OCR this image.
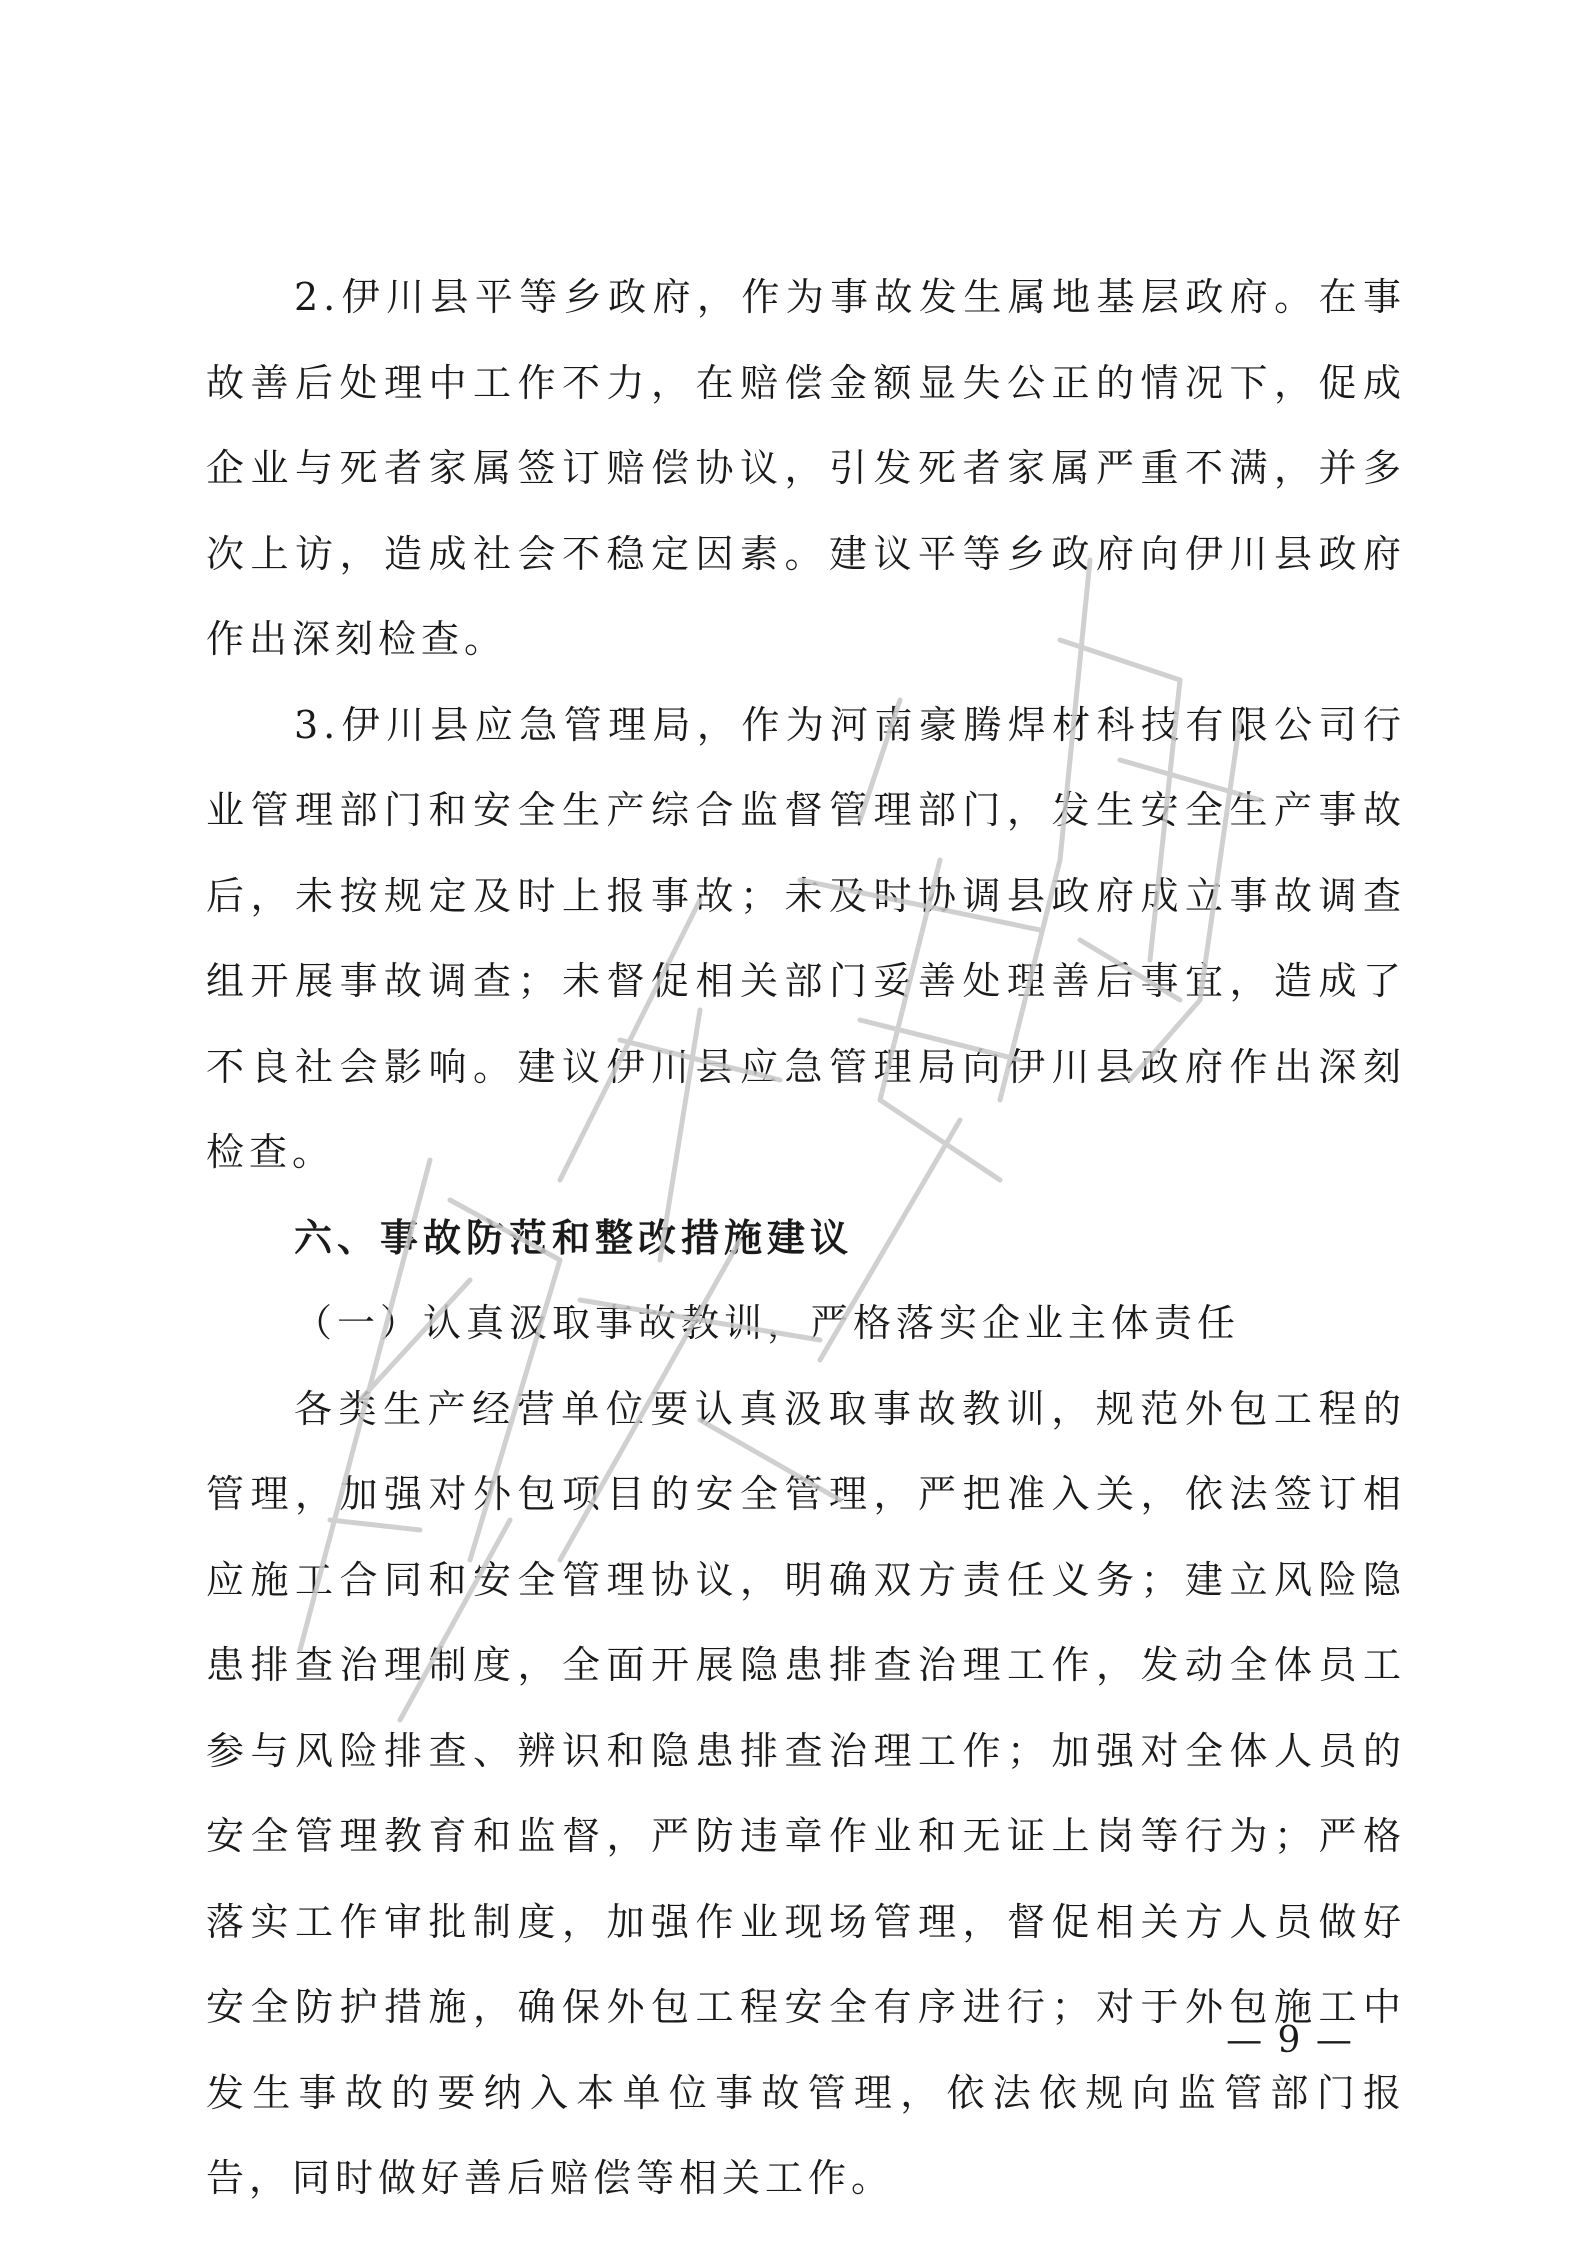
2.伊川县平等乡政府，作为事故发生属地基层政府。在事故善后处理中工作不力，在赔偿金额显失公正的情况下，促成企业与死者家属签订赔偿协议，引发死者家属严重不满，并多次上访，造成社会不稳定因素。建议平等乡政府向伊川县政府作出深刻检查。

3.伊川县应急管理局，作为河南豪腾焊材科技有限公司行业管理部门和安全生产综合监督管理部门，发生安全生产事故后，未按规定及时上报事故；未及时协调县政府成立事故调查组开展事故调查；未督促相关部门妥善处理善后事宜，造成了不良社会影响。建议伊川县应急管理局向伊川县政府作出深刻检查。

六、事故防范和整改措施建议

（一）认真汲取事故教训，严格落实企业主体责任

各类生产经营单位要认真汲取事故教训，规范外包工程的管理，加强对外包项目的安全管理，严把准入关，依法签订相应施工合同和安全管理协议，明确双方责任义务；建立风险隐患排查治理制度，全面开展隐患排查治理工作，发动全体员工参与风险排查、辨识和隐患排查治理工作；加强对全体人员的安全管理教育和监督，严防违章作业和无证上岗等行为；严格落实工作审批制度，加强作业现场管理，督促相关方人员做好安全防护措施，确保外包工程安全有序进行；对于外包施工中发生事故的要纳入本单位事故管理，依法依规向监管部门报告，同时做好善后赔偿等相关工作。

严禁复制
— 9 —
